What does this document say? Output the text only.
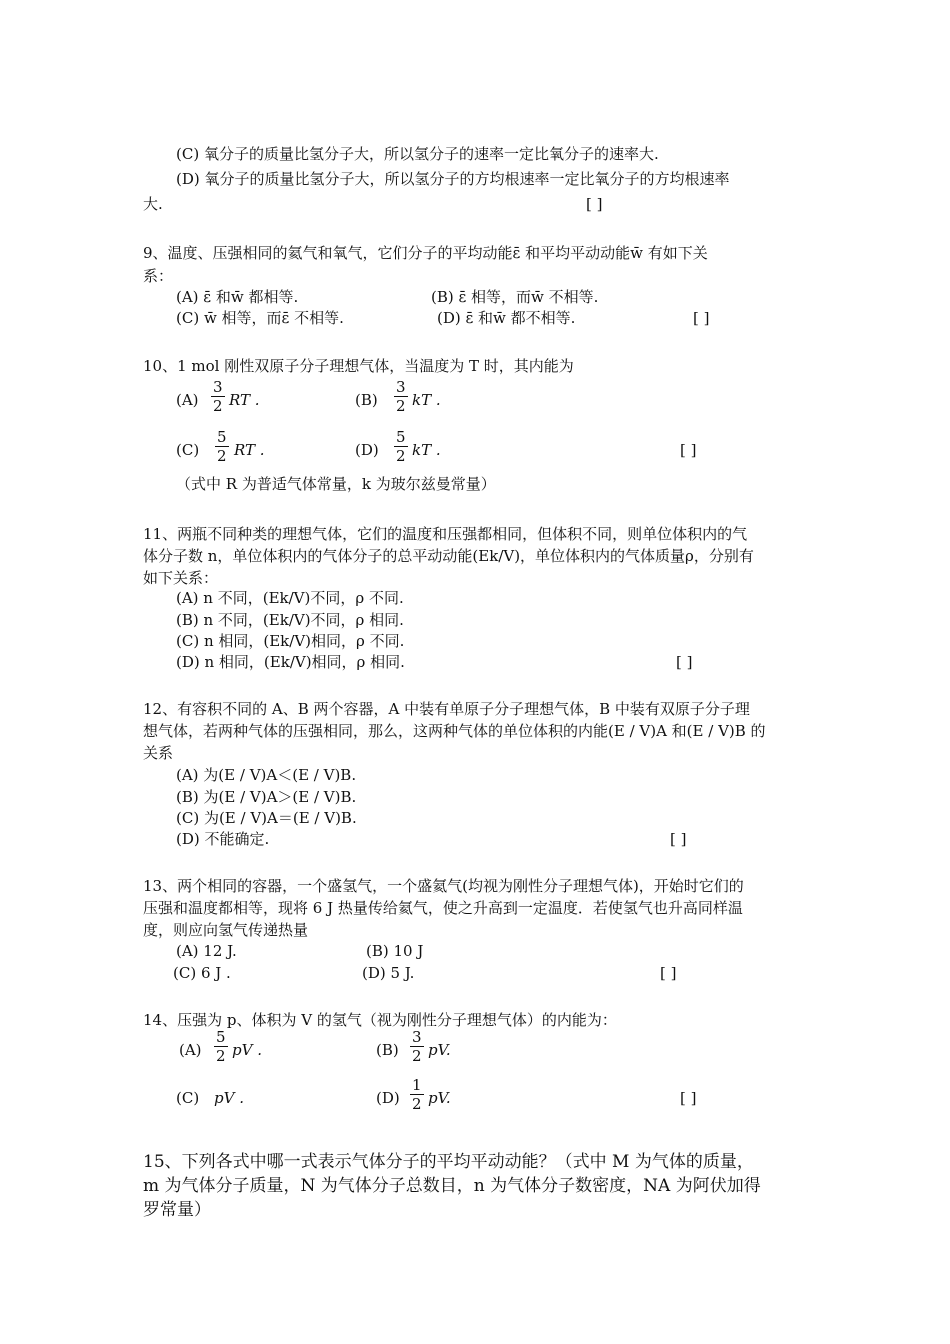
(C) 氧分子的质量比氢分子大，所以氢分子的速率一定比氧分子的速率大.
(D) 氧分子的质量比氢分子大，所以氢分子的方均根速率一定比氧分子的方均根速率
大.	[ ]
9、温度、压强相同的氦气和氧气，它们分子的平均动能ε̄ 和平均平动动能w̄ 有如下关
系：
(A) ε̄ 和w̄ 都相等.	(B) ε̄ 相等，而w̄ 不相等.
(C) w̄ 相等，而ε̄ 不相等.	(D) ε̄ 和w̄ 都不相等.	[ ]
10、1 mol 刚性双原子分子理想气体，当温度为 T 时，其内能为
$(A) \frac{3}{2}$ RT .	$(B) \frac{3}{2}$ kT .
$(C) \frac{5}{2}$ RT .	$(D) \frac{5}{2}$ kT .	[ ]
（式中 R 为普适气体常量，k 为玻尔兹曼常量）
11、两瓶不同种类的理想气体，它们的温度和压强都相同，但体积不同，则单位体积内的气
体分子数 n，单位体积内的气体分子的总平动动能(Ek/V)，单位体积内的气体质量ρ，分别有
如下关系：
(A) n 不同，(Ek/V)不同，ρ 不同.
(B) n 不同，(Ek/V)不同，ρ 相同.
(C) n 相同，(Ek/V)相同，ρ 不同.
(D) n 相同，(Ek/V)相同，ρ 相同.	[ ]
12、有容积不同的 A、B 两个容器，A 中装有单原子分子理想气体，B 中装有双原子分子理
想气体，若两种气体的压强相同，那么，这两种气体的单位体积的内能(E / V)A 和(E / V)B 的
关系
(A) 为(E / V)A＜(E / V)B.
(B) 为(E / V)A＞(E / V)B.
(C) 为(E / V)A＝(E / V)B.
(D) 不能确定.	[ ]
13、两个相同的容器，一个盛氢气，一个盛氦气(均视为刚性分子理想气体)，开始时它们的
压强和温度都相等，现将 6 J 热量传给氦气，使之升高到一定温度．若使氢气也升高同样温
度，则应向氢气传递热量
(A) 12 J.	(B) 10 J
(C) 6 J .	(D) 5 J.	[ ]
14、压强为 p、体积为 V 的氢气（视为刚性分子理想气体）的内能为：
$(A) \frac{5}{2}$ pV .	$(B) \frac{3}{2}$ pV.
(C) pV .	$(D) \frac{1}{2}$ pV.	[ ]
15、下列各式中哪一式表示气体分子的平均平动动能？（式中 M 为气体的质量，
m 为气体分子质量，N 为气体分子总数目，n 为气体分子数密度，NA 为阿伏加得
罗常量）
